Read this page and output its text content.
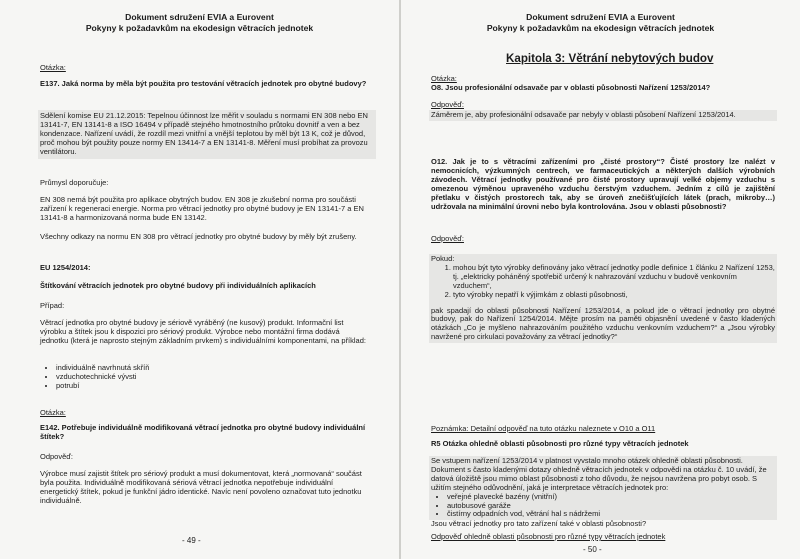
Dokument sdružení EVIA a Eurovent
Pokyny k požadavkům na ekodesign větracích jednotek
Otázka:
E137. Jaká norma by měla být použita pro testování větracích jednotek pro obytné budovy?
Sdělení komise EU 21.12.2015: Tepelnou účinnost lze měřit v souladu s normami EN 308 nebo EN 13141-7, EN 13141-8 a ISO 16494 v případě stejného hmotnostního průtoku dovnitř a ven a bez kondenzace. Nařízení uvádí, že rozdíl mezi vnitřní a vnější teplotou by měl být 13 K, což je důvod, proč mohou být použity pouze normy EN 13414-7 a EN 13141-8. Měření musí probíhat za provozu ventilátoru.
Průmysl doporučuje:
EN 308 nemá být použita pro aplikace obytných budov. EN 308 je zkušební norma pro součásti zařízení k regeneraci energie. Norma pro větrací jednotky pro obytné budovy je EN 13141-7 a EN 13141-8 a harmonizovaná norma bude EN 13142.
Všechny odkazy na normu EN 308 pro větrací jednotky pro obytné budovy by měly být zrušeny.
EU 1254/2014:
Štítkování větracích jednotek pro obytné budovy při individuálních aplikacích
Případ:
Větrací jednotka pro obytné budovy je sériově vyráběný (ne kusový) produkt. Informační list výrobku a štítek jsou k dispozici pro sériový produkt. Výrobce nebo montážní firma dodává jednotku (která je naprosto stejným základním prvkem) s individuálními komponentami, na příklad:
• individuálně navrhnutá skříň
• vzduchotechnické vývsti
• potrubí
Otázka:
E142. Potřebuje individuálně modifikovaná větrací jednotka pro obytné budovy individuální štítek?
Odpověď:
Výrobce musí zajistit štítek pro sériový produkt a musí dokumentovat, která „normovaná“ součást byla použita. Individuálně modifikovaná sériová větrací jednotka nepotřebuje individuální energetický štítek, pokud je funkční jádro identické. Navíc není povoleno označovat tuto jednotku individuálně.
- 49 -
Dokument sdružení EVIA a Eurovent
Pokyny k požadavkům na ekodesign větracích jednotek
Kapitola 3: Větrání nebytových budov
Otázka:
O8. Jsou profesionální odsavače par v oblasti působnosti Nařízení 1253/2014?
Odpověď:
Záměrem je, aby profesionální odsavače par nebyly v oblasti působení Nařízení 1253/2014.
O12. Jak je to s větracími zařízeními pro „čisté prostory“? Čisté prostory lze nalézt v nemocnicích, výzkumných centrech, ve farmaceutických a některých dalších výrobních závodech. Větrací jednotky používané pro čisté prostory upravují velké objemy vzduchu s omezenou výměnou upraveného vzduchu čerstvým vzduchem. Jedním z cílů je zajištění přetlaku v čistých prostorech tak, aby se úroveň znečišťujících látek (prach, mikroby…) udržovala na minimální úrovni nebo byla kontrolována. Jsou v oblasti působnosti?
Odpověď:
Pokud:
1. mohou být tyto výrobky definovány jako větrací jednotky podle definice 1 článku 2 Nařízení 1253, tj. „elektricky poháněný spotřebič určený k nahrazování vzduchu v budově venkovním vzduchem“,
2. tyto výrobky nepatří k výjimkám z oblasti působnosti,
pak spadají do oblasti působnosti Nařízení 1253/2014, a pokud jde o větrací jednotky pro obytné budovy, pak do Nařízení 1254/2014. Mějte prosím na paměti objasnění uvedené v často kladených otázkách „Co je myšleno nahrazováním použitého vzduchu venkovním vzduchem?“ a „Jsou výrobky navržené pro cirkulaci považovány za větrací jednotky?“
Poznámka: Detailní odpověď na tuto otázku naleznete v O10 a O11
R5 Otázka ohledně oblasti působnosti pro různé typy větracích jednotek
Se vstupem nařízení 1253/2014 v platnost vyvstalo mnoho otázek ohledně oblasti působnosti. Dokument s často kladenými dotazy ohledně větracích jednotek v odpovědi na otázku č. 10 uvádí, že datová úložiště jsou mimo oblast působnosti z toho důvodu, že nejsou navržena pro pobyt osob. S užitím stejného odůvodnění, jaká je interpretace větracích jednotek pro:
• veřejné plavecké bazény (vnitřní)
• autobusové garáže
• čistírny odpadních vod, větrání hal s nádržemi
Jsou větrací jednotky pro tato zařízení také v oblasti působnosti?
Odpověď ohledně oblasti působnosti pro různé typy větracích jednotek
- 50 -
